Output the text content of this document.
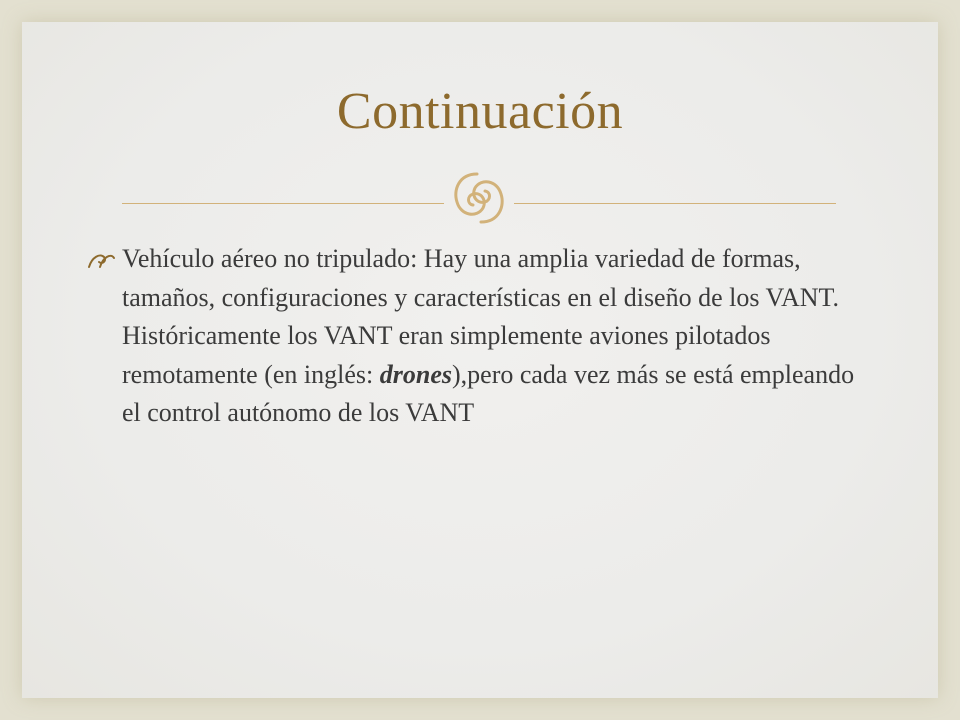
Continuación
Vehículo aéreo no tripulado: Hay una amplia variedad de formas, tamaños, configuraciones y características en el diseño de los VANT. Históricamente los VANT eran simplemente aviones pilotados remotamente (en inglés: drones),pero cada vez más se está empleando el control autónomo de los VANT
